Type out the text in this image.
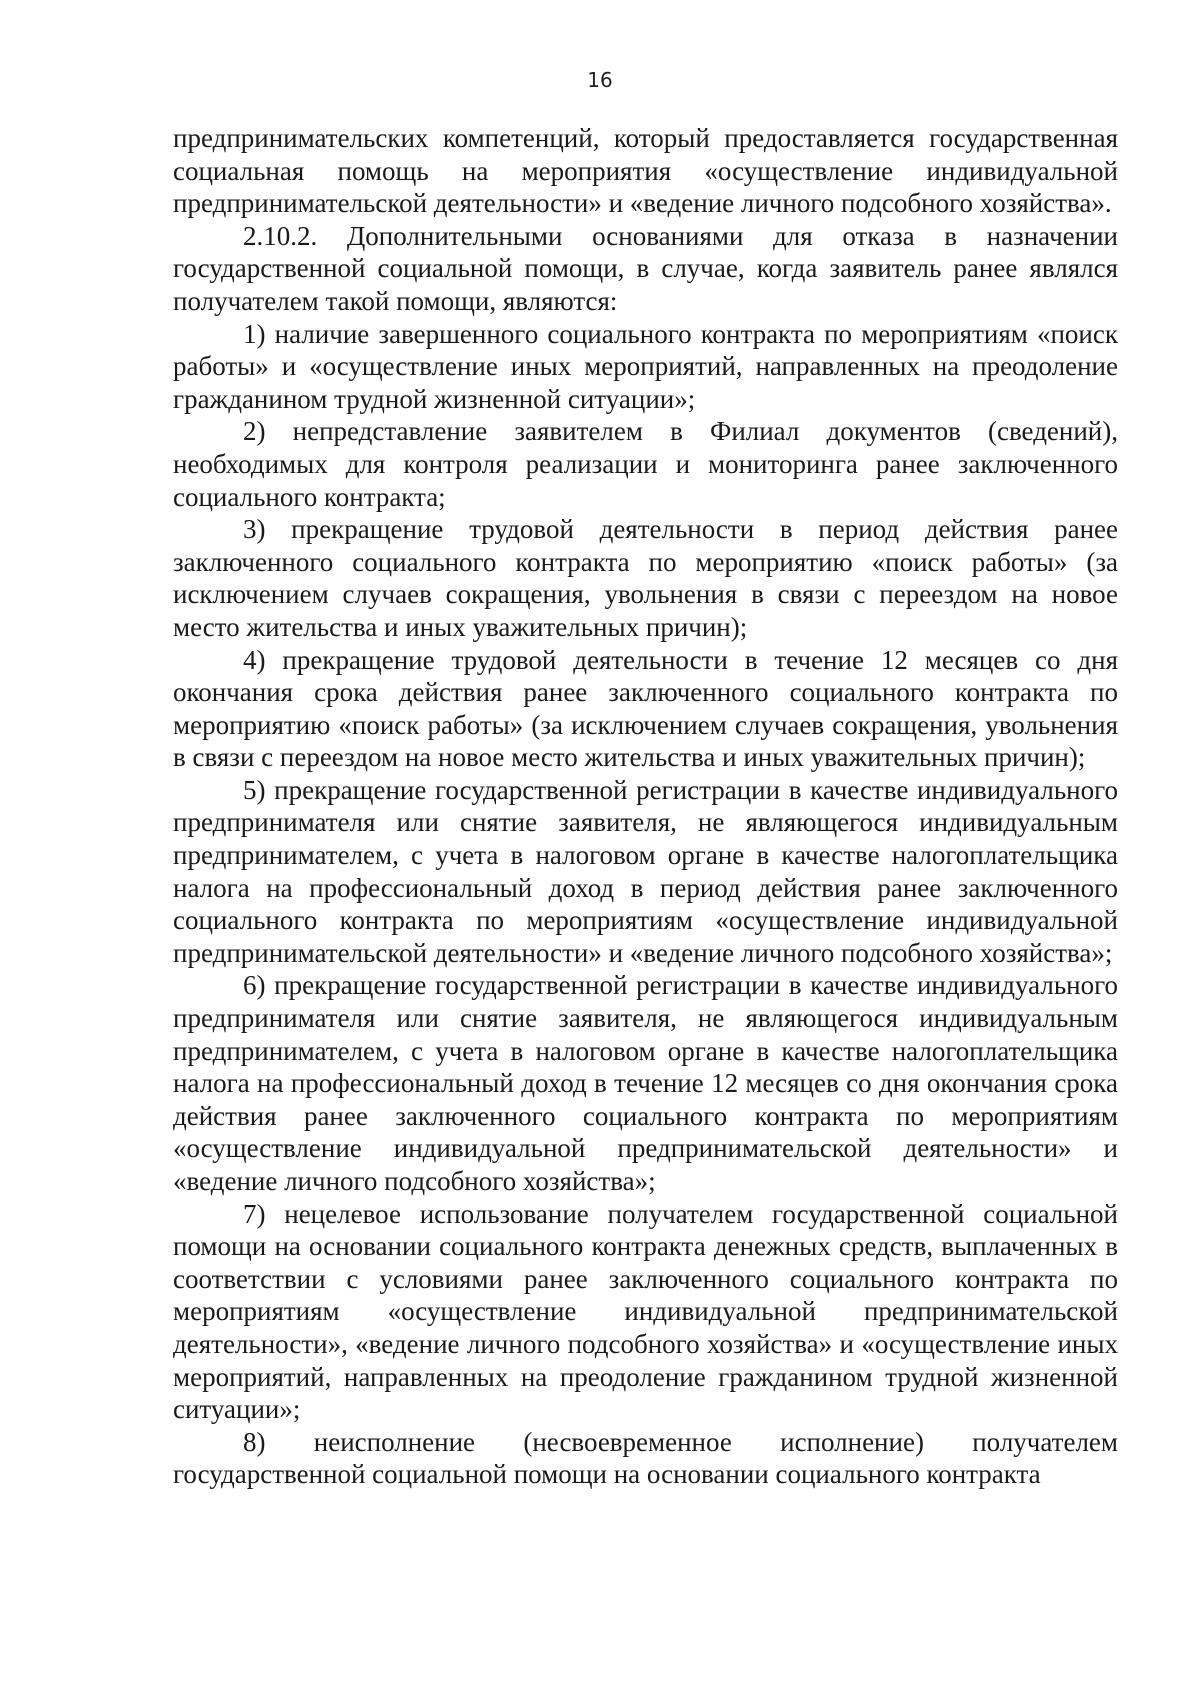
16

предпринимательских компетенций, который предоставляется государственная социальная помощь на мероприятия «осуществление индивидуальной предпринимательской деятельности» и «ведение личного подсобного хозяйства».

2.10.2. Дополнительными основаниями для отказа в назначении государственной социальной помощи, в случае, когда заявитель ранее являлся получателем такой помощи, являются:

1) наличие завершенного социального контракта по мероприятиям «поиск работы» и «осуществление иных мероприятий, направленных на преодоление гражданином трудной жизненной ситуации»;

2) непредставление заявителем в Филиал документов (сведений), необходимых для контроля реализации и мониторинга ранее заключенного социального контракта;

3) прекращение трудовой деятельности в период действия ранее заключенного социального контракта по мероприятию «поиск работы» (за исключением случаев сокращения, увольнения в связи с переездом на новое место жительства и иных уважительных причин);

4) прекращение трудовой деятельности в течение 12 месяцев со дня окончания срока действия ранее заключенного социального контракта по мероприятию «поиск работы» (за исключением случаев сокращения, увольнения в связи с переездом на новое место жительства и иных уважительных причин);

5) прекращение государственной регистрации в качестве индивидуального предпринимателя или снятие заявителя, не являющегося индивидуальным предпринимателем, с учета в налоговом органе в качестве налогоплательщика налога на профессиональный доход в период действия ранее заключенного социального контракта по мероприятиям «осуществление индивидуальной предпринимательской деятельности» и «ведение личного подсобного хозяйства»;

6) прекращение государственной регистрации в качестве индивидуального предпринимателя или снятие заявителя, не являющегося индивидуальным предпринимателем, с учета в налоговом органе в качестве налогоплательщика налога на профессиональный доход в течение 12 месяцев со дня окончания срока действия ранее заключенного социального контракта по мероприятиям «осуществление индивидуальной предпринимательской деятельности» и «ведение личного подсобного хозяйства»;

7) нецелевое использование получателем государственной социальной помощи на основании социального контракта денежных средств, выплаченных в соответствии с условиями ранее заключенного социального контракта по мероприятиям «осуществление индивидуальной предпринимательской деятельности», «ведение личного подсобного хозяйства» и «осуществление иных мероприятий, направленных на преодоление гражданином трудной жизненной ситуации»;

8) неисполнение (несвоевременное исполнение) получателем государственной социальной помощи на основании социального контракта
